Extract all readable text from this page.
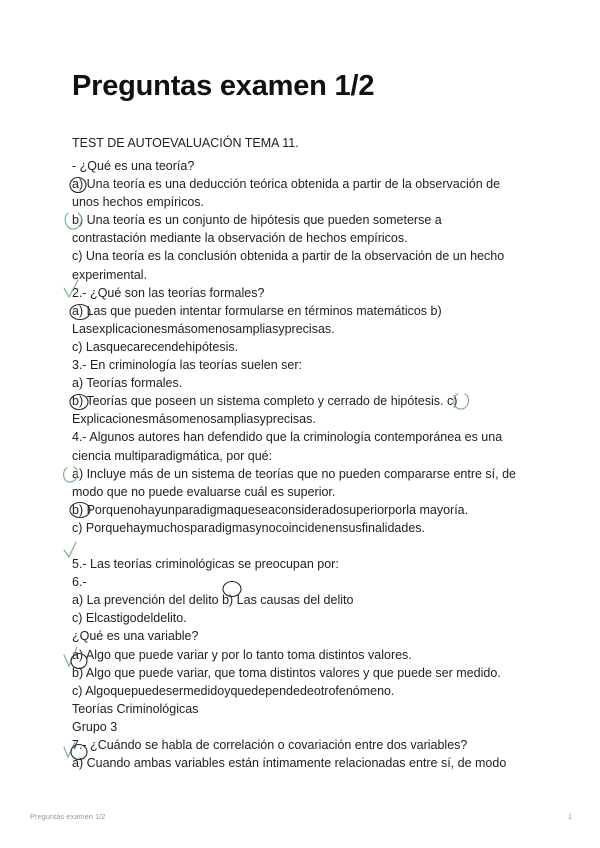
Preguntas examen 1/2
TEST DE AUTOEVALUACIÓN TEMA 11.
- ¿Qué es una teoría?
a) Una teoría es una deducción teórica obtenida a partir de la observación de
unos hechos empíricos.
b) Una teoría es un conjunto de hipótesis que pueden someterse a
contrastación mediante la observación de hechos empíricos.
c) Una teoría es la conclusión obtenida a partir de la observación de un hecho
experimental.
2.- ¿Qué son las teorías formales?
a) Las que pueden intentar formularse en términos matemáticos b)
Lasexplicacionesmásomenosampliasyprecisas.
c) Lasquecarecendehipótesis.
3.- En criminología las teorías suelen ser:
a) Teorías formales.
b) Teorías que poseen un sistema completo y cerrado de hipótesis. c)
Explicacionesmásomenosampliasyprecisas.
4.- Algunos autores han defendido que la criminología contemporánea es una
ciencia multiparadigmática, por qué:
a) Incluye más de un sistema de teorías que no pueden compararse entre sí, de
modo que no puede evaluarse cuál es superior.
b) Porquenohayunparadigmaqueseaconsideradosuperiorporla mayoría.
c) Porquehaymuchosparadigmasynocoincidenensusfinalidades.
5.- Las teorías criminológicas se preocupan por:
6.-
a) La prevención del delito b) Las causas del delito
c) Elcastigodeldelito.
¿Qué es una variable?
a) Algo que puede variar y por lo tanto toma distintos valores.
b) Algo que puede variar, que toma distintos valores y que puede ser medido.
c) Algoquepuedesermedidoyquedependedeotrofenómeno.
Teorías Criminológicas
Grupo 3
7.- ¿Cuándo se habla de correlación o covariación entre dos variables?
a) Cuando ambas variables están íntimamente relacionadas entre sí, de modo
Preguntas examen 1/2	1
